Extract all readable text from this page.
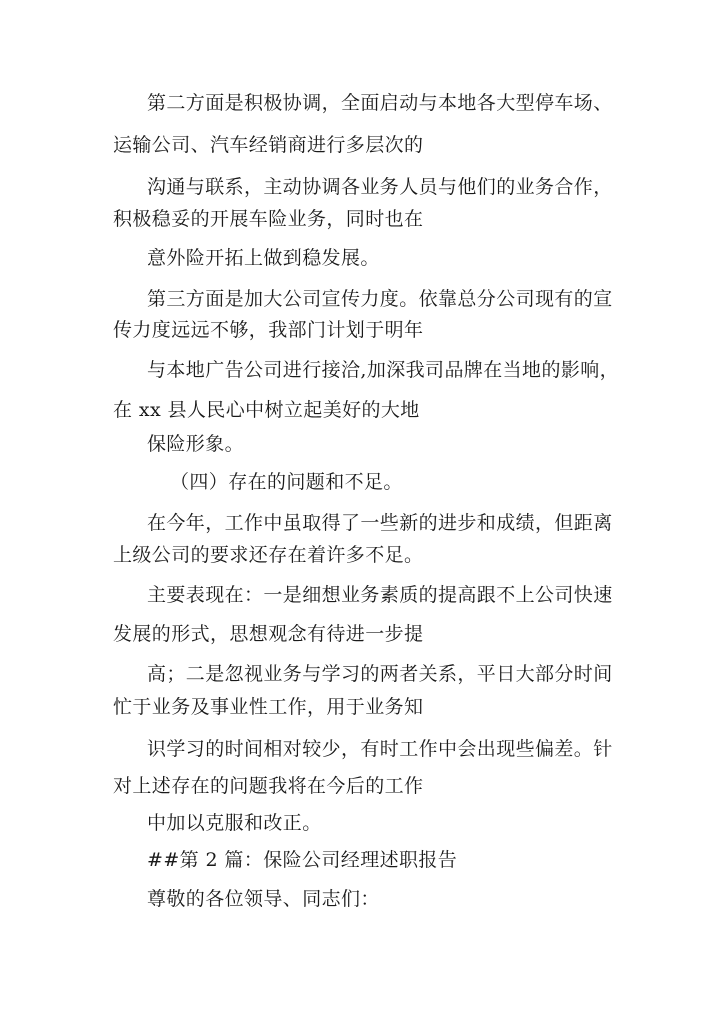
第二方面是积极协调，全面启动与本地各大型停车场、
运输公司、汽车经销商进行多层次的
沟通与联系，主动协调各业务人员与他们的业务合作，
积极稳妥的开展车险业务，同时也在
意外险开拓上做到稳发展。
第三方面是加大公司宣传力度。依靠总分公司现有的宣
传力度远远不够，我部门计划于明年
与本地广告公司进行接洽,加深我司品牌在当地的影响，
在 xx 县人民心中树立起美好的大地
保险形象。
（四）存在的问题和不足。
在今年，工作中虽取得了一些新的进步和成绩，但距离
上级公司的要求还存在着许多不足。
主要表现在：一是细想业务素质的提高跟不上公司快速
发展的形式，思想观念有待进一步提
高；二是忽视业务与学习的两者关系，平日大部分时间
忙于业务及事业性工作，用于业务知
识学习的时间相对较少，有时工作中会出现些偏差。针
对上述存在的问题我将在今后的工作
中加以克服和改正。
##第 2 篇：保险公司经理述职报告
尊敬的各位领导、同志们：
